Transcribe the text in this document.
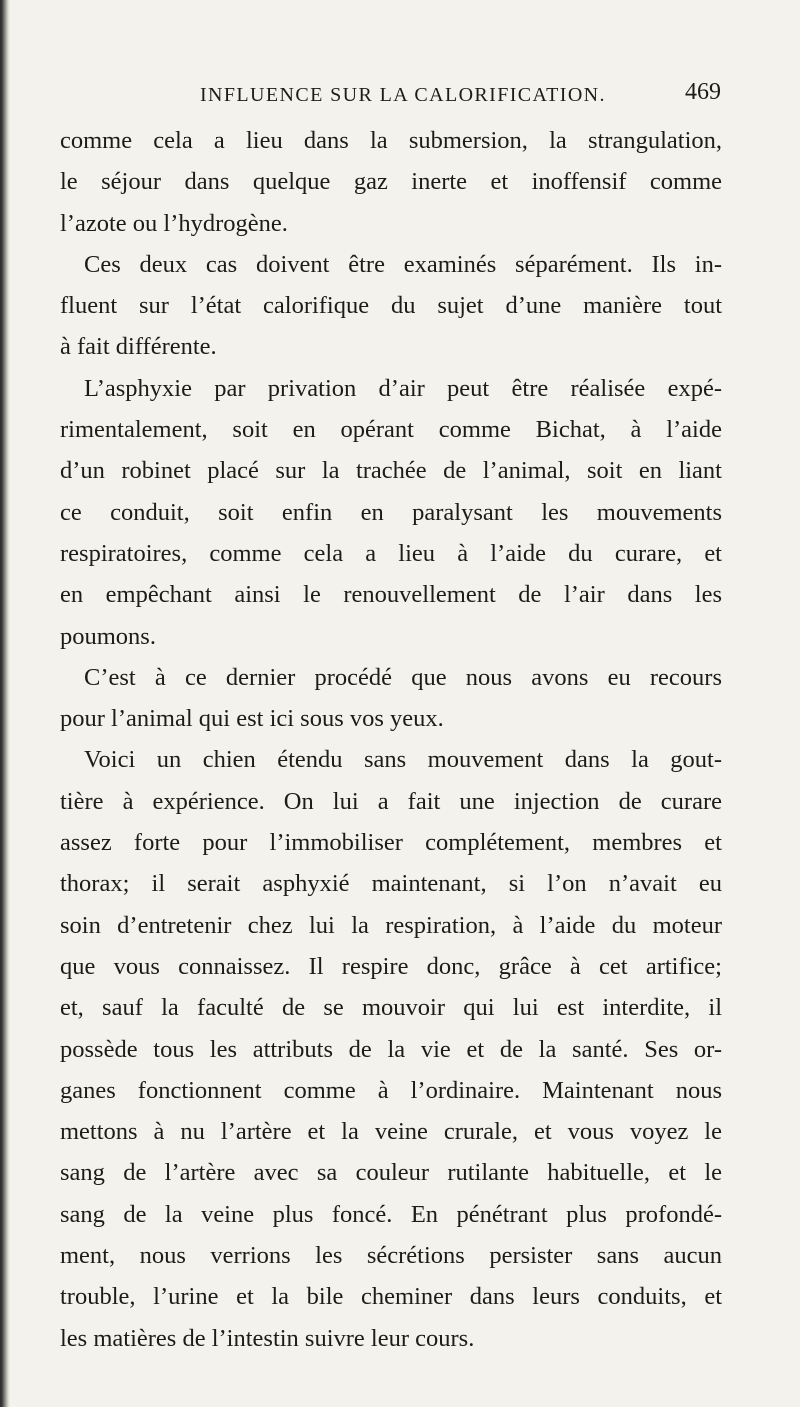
INFLUENCE SUR LA CALORIFICATION.	469
comme cela a lieu dans la submersion, la strangulation,
le séjour dans quelque gaz inerte et inoffensif comme
l’azote ou l’hydrogène.
Ces deux cas doivent être examinés séparément. Ils in-
fluent sur l’état calorifique du sujet d’une manière tout
à fait différente.
L’asphyxie par privation d’air peut être réalisée expé-
rimentalement, soit en opérant comme Bichat, à l’aide
d’un robinet placé sur la trachée de l’animal, soit en liant
ce conduit, soit enfin en paralysant les mouvements
respiratoires, comme cela a lieu à l’aide du curare, et
en empêchant ainsi le renouvellement de l’air dans les
poumons.
C’est à ce dernier procédé que nous avons eu recours
pour l’animal qui est ici sous vos yeux.
Voici un chien étendu sans mouvement dans la gout-
tière à expérience. On lui a fait une injection de curare
assez forte pour l’immobiliser complétement, membres et
thorax; il serait asphyxié maintenant, si l’on n’avait eu
soin d’entretenir chez lui la respiration, à l’aide du moteur
que vous connaissez. Il respire donc, grâce à cet artifice;
et, sauf la faculté de se mouvoir qui lui est interdite, il
possède tous les attributs de la vie et de la santé. Ses or-
ganes fonctionnent comme à l’ordinaire. Maintenant nous
mettons à nu l’artère et la veine crurale, et vous voyez le
sang de l’artère avec sa couleur rutilante habituelle, et le
sang de la veine plus foncé. En pénétrant plus profondé-
ment, nous verrions les sécrétions persister sans aucun
trouble, l’urine et la bile cheminer dans leurs conduits, et
les matières de l’intestin suivre leur cours.
